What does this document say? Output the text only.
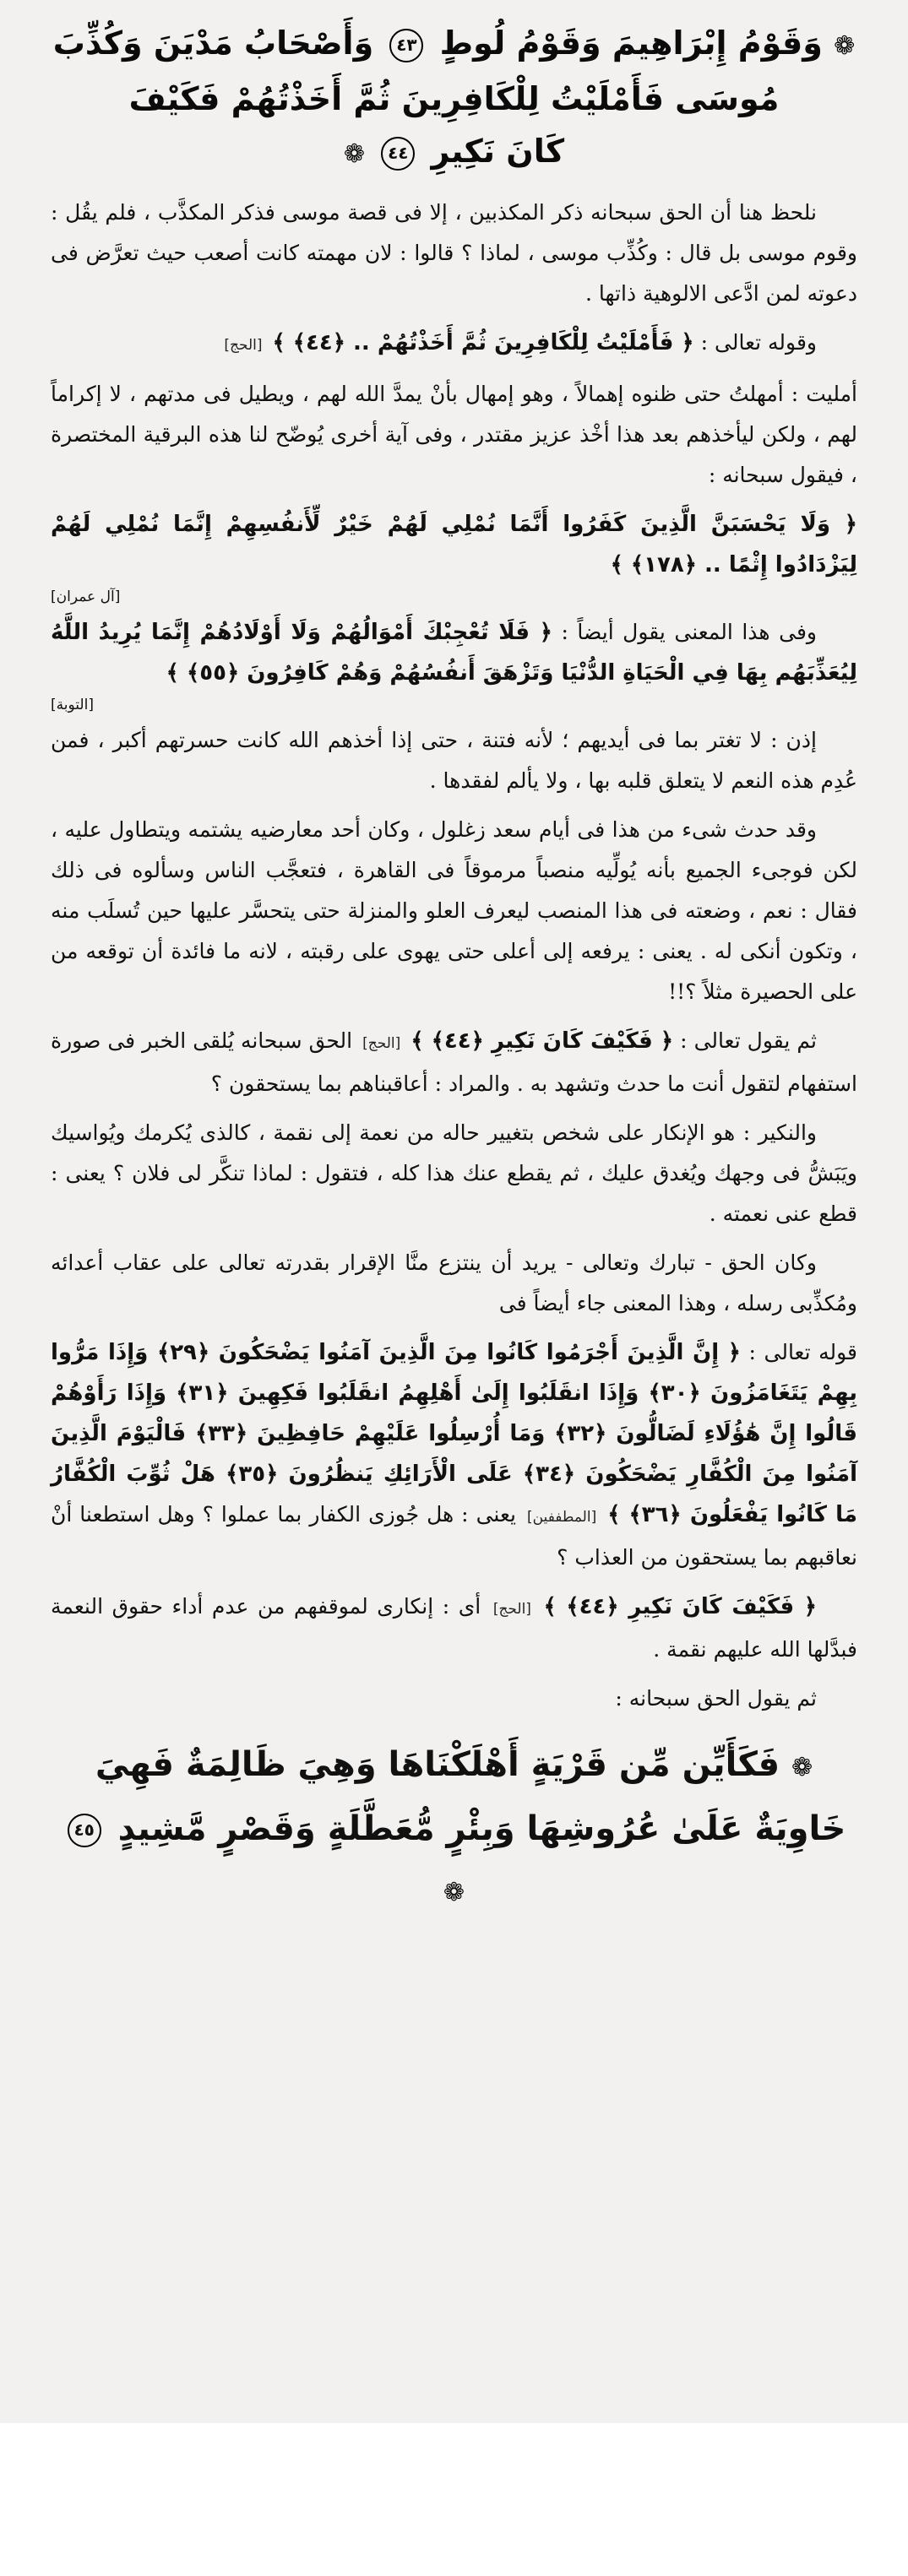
❁ وَقَوْمُ إِبْرَاهِيمَ وَقَوْمُ لُوطٍ ٤٣ وَأَصْحَابُ مَدْيَنَ وَكُذِّبَ
مُوسَى فَأَمْلَيْتُ لِلْكَافِرِينَ ثُمَّ أَخَذْتُهُمْ فَكَيْفَ
كَانَ نَكِيرِ ٤٤ ❁

نلحظ هنا أن الحق سبحانه ذكر المكذبين ، إلا فى قصة موسى فذكر المكذَّب ، فلم يقُل : وقوم موسى بل قال : وكُذِّب موسى ، لماذا ؟ قالوا : لان مهمته كانت أصعب حيث تعرَّض فى دعوته لمن ادَّعى الالوهية ذاتها .

وقوله تعالى : ﴿ فَأَمْلَيْتُ لِلْكَافِرِينَ ثُمَّ أَخَذْتُهُمْ .. ﴿٤٤﴾ ﴾ [الحج]

أمليت : أمهلتُ حتى ظنوه إهمالاً ، وهو إمهال بأنْ يمدَّ الله لهم ، ويطيل فى مدتهم ، لا إكراماً لهم ، ولكن ليأخذهم بعد هذا أخْذ عزيز مقتدر ، وفى آية أخرى يُوضّح لنا هذه البرقية المختصرة ، فيقول سبحانه :

﴿ وَلَا يَحْسَبَنَّ الَّذِينَ كَفَرُوا أَنَّمَا نُمْلِي لَهُمْ خَيْرٌ لِّأَنفُسِهِمْ إِنَّمَا نُمْلِي لَهُمْ لِيَزْدَادُوا إِثْمًا .. ﴿١٧٨﴾ ﴾

[آل عمران]

وفى هذا المعنى يقول أيضاً : ﴿ فَلَا تُعْجِبْكَ أَمْوَالُهُمْ وَلَا أَوْلَادُهُمْ إِنَّمَا يُرِيدُ اللَّهُ لِيُعَذِّبَهُم بِهَا فِي الْحَيَاةِ الدُّنْيَا وَتَزْهَقَ أَنفُسُهُمْ وَهُمْ كَافِرُونَ ﴿٥٥﴾ ﴾

[التوبة]

إذن : لا تغتر بما فى أيديهم ؛ لأنه فتنة ، حتى إذا أخذهم الله كانت حسرتهم أكبر ، فمن عُدِم هذه النعم لا يتعلق قلبه بها ، ولا يألم لفقدها .

وقد حدث شىء من هذا فى أيام سعد زغلول ، وكان أحد معارضيه يشتمه ويتطاول عليه ، لكن فوجىء الجميع بأنه يُولِّيه منصباً مرموقاً فى القاهرة ، فتعجَّب الناس وسألوه فى ذلك فقال : نعم ، وضعته فى هذا المنصب ليعرف العلو والمنزلة حتى يتحسَّر عليها حين تُسلَب منه ، وتكون أنكى له . يعنى : يرفعه إلى أعلى حتى يهوى على رقبته ، لانه ما فائدة أن توقعه من على الحصيرة مثلاً ؟!!

ثم يقول تعالى : ﴿ فَكَيْفَ كَانَ نَكِيرِ ﴿٤٤﴾ ﴾ [الحج] الحق سبحانه يُلقى الخبر فى صورة استفهام لتقول أنت ما حدث وتشهد به . والمراد : أعاقبناهم بما يستحقون ؟

والنكير : هو الإنكار على شخص بتغيير حاله من نعمة إلى نقمة ، كالذى يُكرمك ويُواسيك ويَبَشُّ فى وجهك ويُغدق عليك ، ثم يقطع عنك هذا كله ، فتقول : لماذا تنكَّر لى فلان ؟ يعنى : قطع عنى نعمته .

وكان الحق - تبارك وتعالى - يريد أن ينتزع منَّا الإقرار بقدرته تعالى على عقاب أعدائه ومُكذِّبى رسله ، وهذا المعنى جاء أيضاً فى

قوله تعالى : ﴿ إِنَّ الَّذِينَ أَجْرَمُوا كَانُوا مِنَ الَّذِينَ آمَنُوا يَضْحَكُونَ ﴿٢٩﴾ وَإِذَا مَرُّوا بِهِمْ يَتَغَامَزُونَ ﴿٣٠﴾ وَإِذَا انقَلَبُوا إِلَىٰ أَهْلِهِمُ انقَلَبُوا فَكِهِينَ ﴿٣١﴾ وَإِذَا رَأَوْهُمْ قَالُوا إِنَّ هَٰؤُلَاءِ لَضَالُّونَ ﴿٣٢﴾ وَمَا أُرْسِلُوا عَلَيْهِمْ حَافِظِينَ ﴿٣٣﴾ فَالْيَوْمَ الَّذِينَ آمَنُوا مِنَ الْكُفَّارِ يَضْحَكُونَ ﴿٣٤﴾ عَلَى الْأَرَائِكِ يَنظُرُونَ ﴿٣٥﴾ هَلْ ثُوِّبَ الْكُفَّارُ مَا كَانُوا يَفْعَلُونَ ﴿٣٦﴾ ﴾ [المطففين] يعنى : هل جُوزى الكفار بما عملوا ؟ وهل استطعنا أنْ نعاقبهم بما يستحقون من العذاب ؟

﴿ فَكَيْفَ كَانَ نَكِيرِ ﴿٤٤﴾ ﴾ [الحج] أى : إنكارى لموقفهم من عدم أداء حقوق النعمة فبدَّلها الله عليهم نقمة .

ثم يقول الحق سبحانه :

❁ فَكَأَيِّن مِّن قَرْيَةٍ أَهْلَكْنَاهَا وَهِيَ ظَالِمَةٌ فَهِيَ
خَاوِيَةٌ عَلَىٰ عُرُوشِهَا وَبِئْرٍ مُّعَطَّلَةٍ وَقَصْرٍ مَّشِيدٍ ٤٥ ❁
